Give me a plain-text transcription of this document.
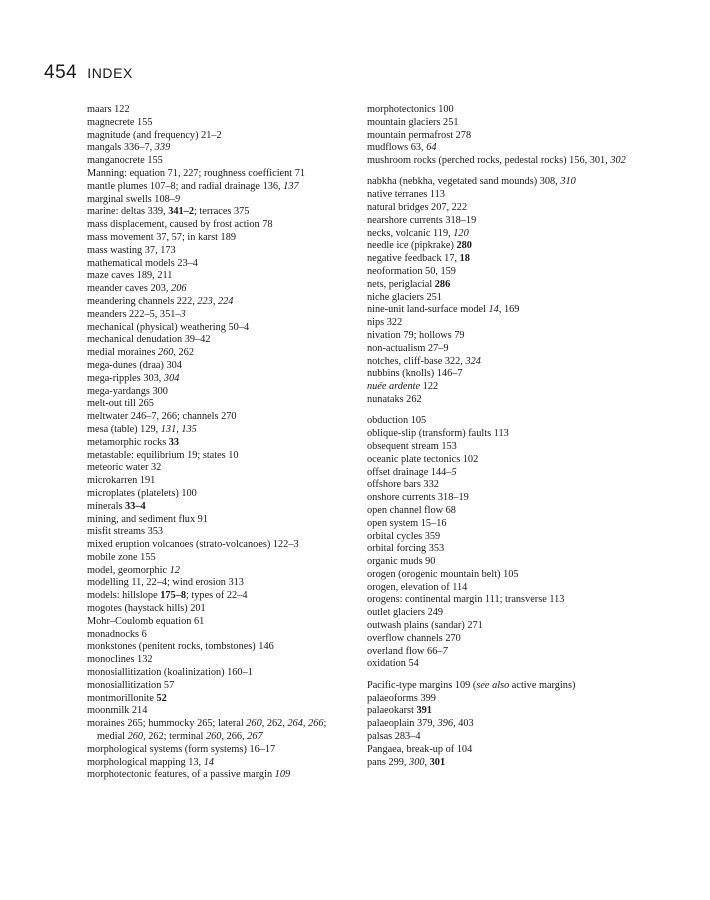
454 INDEX
maars 122
magnecrete 155
magnitude (and frequency) 21–2
mangals 336–7, 339
manganocrete 155
Manning: equation 71, 227; roughness coefficient 71
mantle plumes 107–8; and radial drainage 136, 137
marginal swells 108–9
marine: deltas 339, 341–2; terraces 375
mass displacement, caused by frost action 78
mass movement 37, 57; in karst 189
mass wasting 37, 173
mathematical models 23–4
maze caves 189, 211
meander caves 203, 206
meandering channels 222, 223, 224
meanders 222–5, 351–3
mechanical (physical) weathering 50–4
mechanical denudation 39–42
medial moraines 260, 262
mega-dunes (draa) 304
mega-ripples 303, 304
mega-yardangs 300
melt-out till 265
meltwater 246–7, 266; channels 270
mesa (table) 129, 131, 135
metamorphic rocks 33
metastable: equilibrium 19; states 10
meteoric water 32
microkarren 191
microplates (platelets) 100
minerals 33–4
mining, and sediment flux 91
misfit streams 353
mixed eruption volcanoes (strato-volcanoes) 122–3
mobile zone 155
model, geomorphic 12
modelling 11, 22–4; wind erosion 313
models: hillslope 175–8; types of 22–4
mogotes (haystack hills) 201
Mohr–Coulomb equation 61
monadnocks 6
monkstones (penitent rocks, tombstones) 146
monoclines 132
monosiallitization (koalinization) 160–1
monosiallitization 57
montmorillonite 52
moonmilk 214
moraines 265; hummocky 265; lateral 260, 262, 264, 266; medial 260, 262; terminal 260, 266, 267
morphological systems (form systems) 16–17
morphological mapping 13, 14
morphotectonic features, of a passive margin 109
morphotectonics 100
mountain glaciers 251
mountain permafrost 278
mudflows 63, 64
mushroom rocks (perched rocks, pedestal rocks) 156, 301, 302
nabkha (nebkha, vegetated sand mounds) 308, 310
native terranes 113
natural bridges 207, 222
nearshore currents 318–19
necks, volcanic 119, 120
needle ice (pipkrake) 280
negative feedback 17, 18
neoformation 50, 159
nets, periglacial 286
niche glaciers 251
nine-unit land-surface model 14, 169
nips 322
nivation 79; hollows 79
non-actualism 27–9
notches, cliff-base 322, 324
nubbins (knolls) 146–7
nuée ardente 122
nunataks 262
obduction 105
oblique-slip (transform) faults 113
obsequent stream 153
oceanic plate tectonics 102
offset drainage 144–5
offshore bars 332
onshore currents 318–19
open channel flow 68
open system 15–16
orbital cycles 359
orbital forcing 353
organic muds 90
orogen (orogenic mountain belt) 105
orogen, elevation of 114
orogens: continental margin 111; transverse 113
outlet glaciers 249
outwash plains (sandar) 271
overflow channels 270
overland flow 66–7
oxidation 54
Pacific-type margins 109 (see also active margins)
palaeoforms 399
palaeokarst 391
palaeoplain 379, 396, 403
palsas 283–4
Pangaea, break-up of 104
pans 299, 300, 301
